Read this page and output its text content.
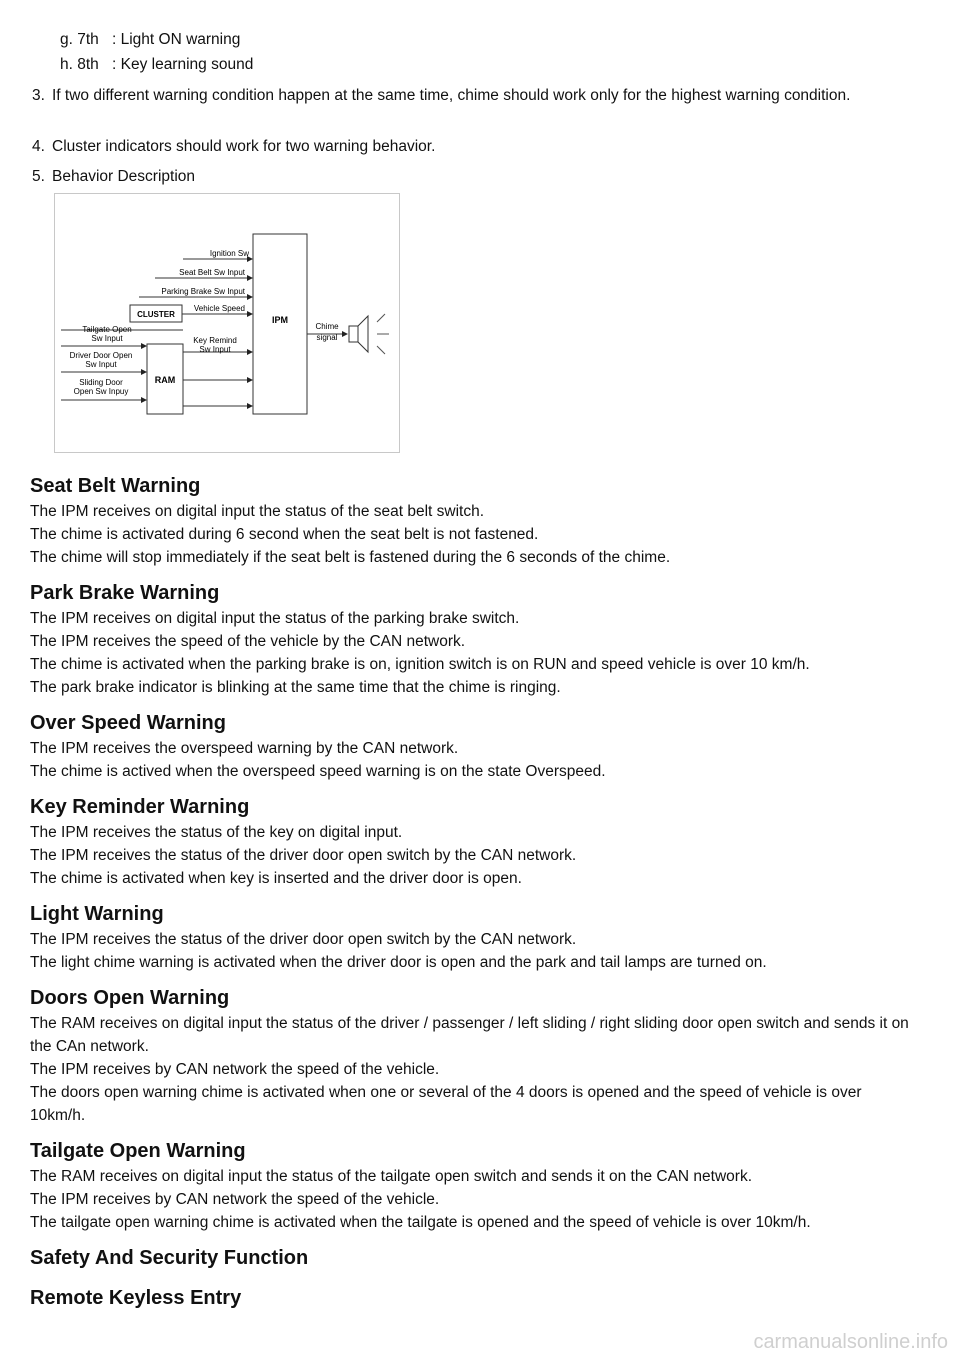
g. 7th : Light ON warning
h. 8th : Key learning sound
3. If two different warning condition happen at the same time, chime should work only for the highest warning condition.
4. Cluster indicators should work for two warning behavior.
5. Behavior Description
IPM
RAM
CLUSTER
Ignition Sw
Seat Belt Sw Input
Parking Brake Sw Input
Vehicle Speed
Key Remind
Sw Input
Tailgate Open
Sw Input
Driver Door Open
Sw Input
Sliding Door
Open Sw Inpuy
Chime
signal
Seat Belt Warning

The IPM receives on digital input the status of the seat belt switch.

The chime is activated during 6 second when the seat belt is not fastened.

The chime will stop immediately if the seat belt is fastened during the 6 seconds of the chime.

Park Brake Warning

The IPM receives on digital input the status of the parking brake switch.

The IPM receives the speed of the vehicle by the CAN network.

The chime is activated when the parking brake is on, ignition switch is on RUN and speed vehicle is over 10 km/h.

The park brake indicator is blinking at the same time that the chime is ringing.

Over Speed Warning

The IPM receives the overspeed warning by the CAN network.

The chime is actived when the overspeed speed warning is on the state Overspeed.

Key Reminder Warning

The IPM receives the status of the key on digital input.

The IPM receives the status of the driver door open switch by the CAN network.

The chime is activated when key is inserted and the driver door is open.

Light Warning

The IPM receives the status of the driver door open switch by the CAN network.

The light chime warning is activated when the driver door is open and the park and tail lamps are turned on.

Doors Open Warning

The RAM receives on digital input the status of the driver / passenger / left sliding / right sliding door open switch and sends it on the CAn network.

The IPM receives by CAN network the speed of the vehicle.

The doors open warning chime is activated when one or several of the 4 doors is opened and the speed of vehicle is over 10km/h.

Tailgate Open Warning

The RAM receives on digital input the status of the tailgate open switch and sends it on the CAN network.

The IPM receives by CAN network the speed of the vehicle.

The tailgate open warning chime is activated when the tailgate is opened and the speed of vehicle is over 10km/h.

Safety And Security Function
Remote Keyless Entry
carmanualsonline.info
